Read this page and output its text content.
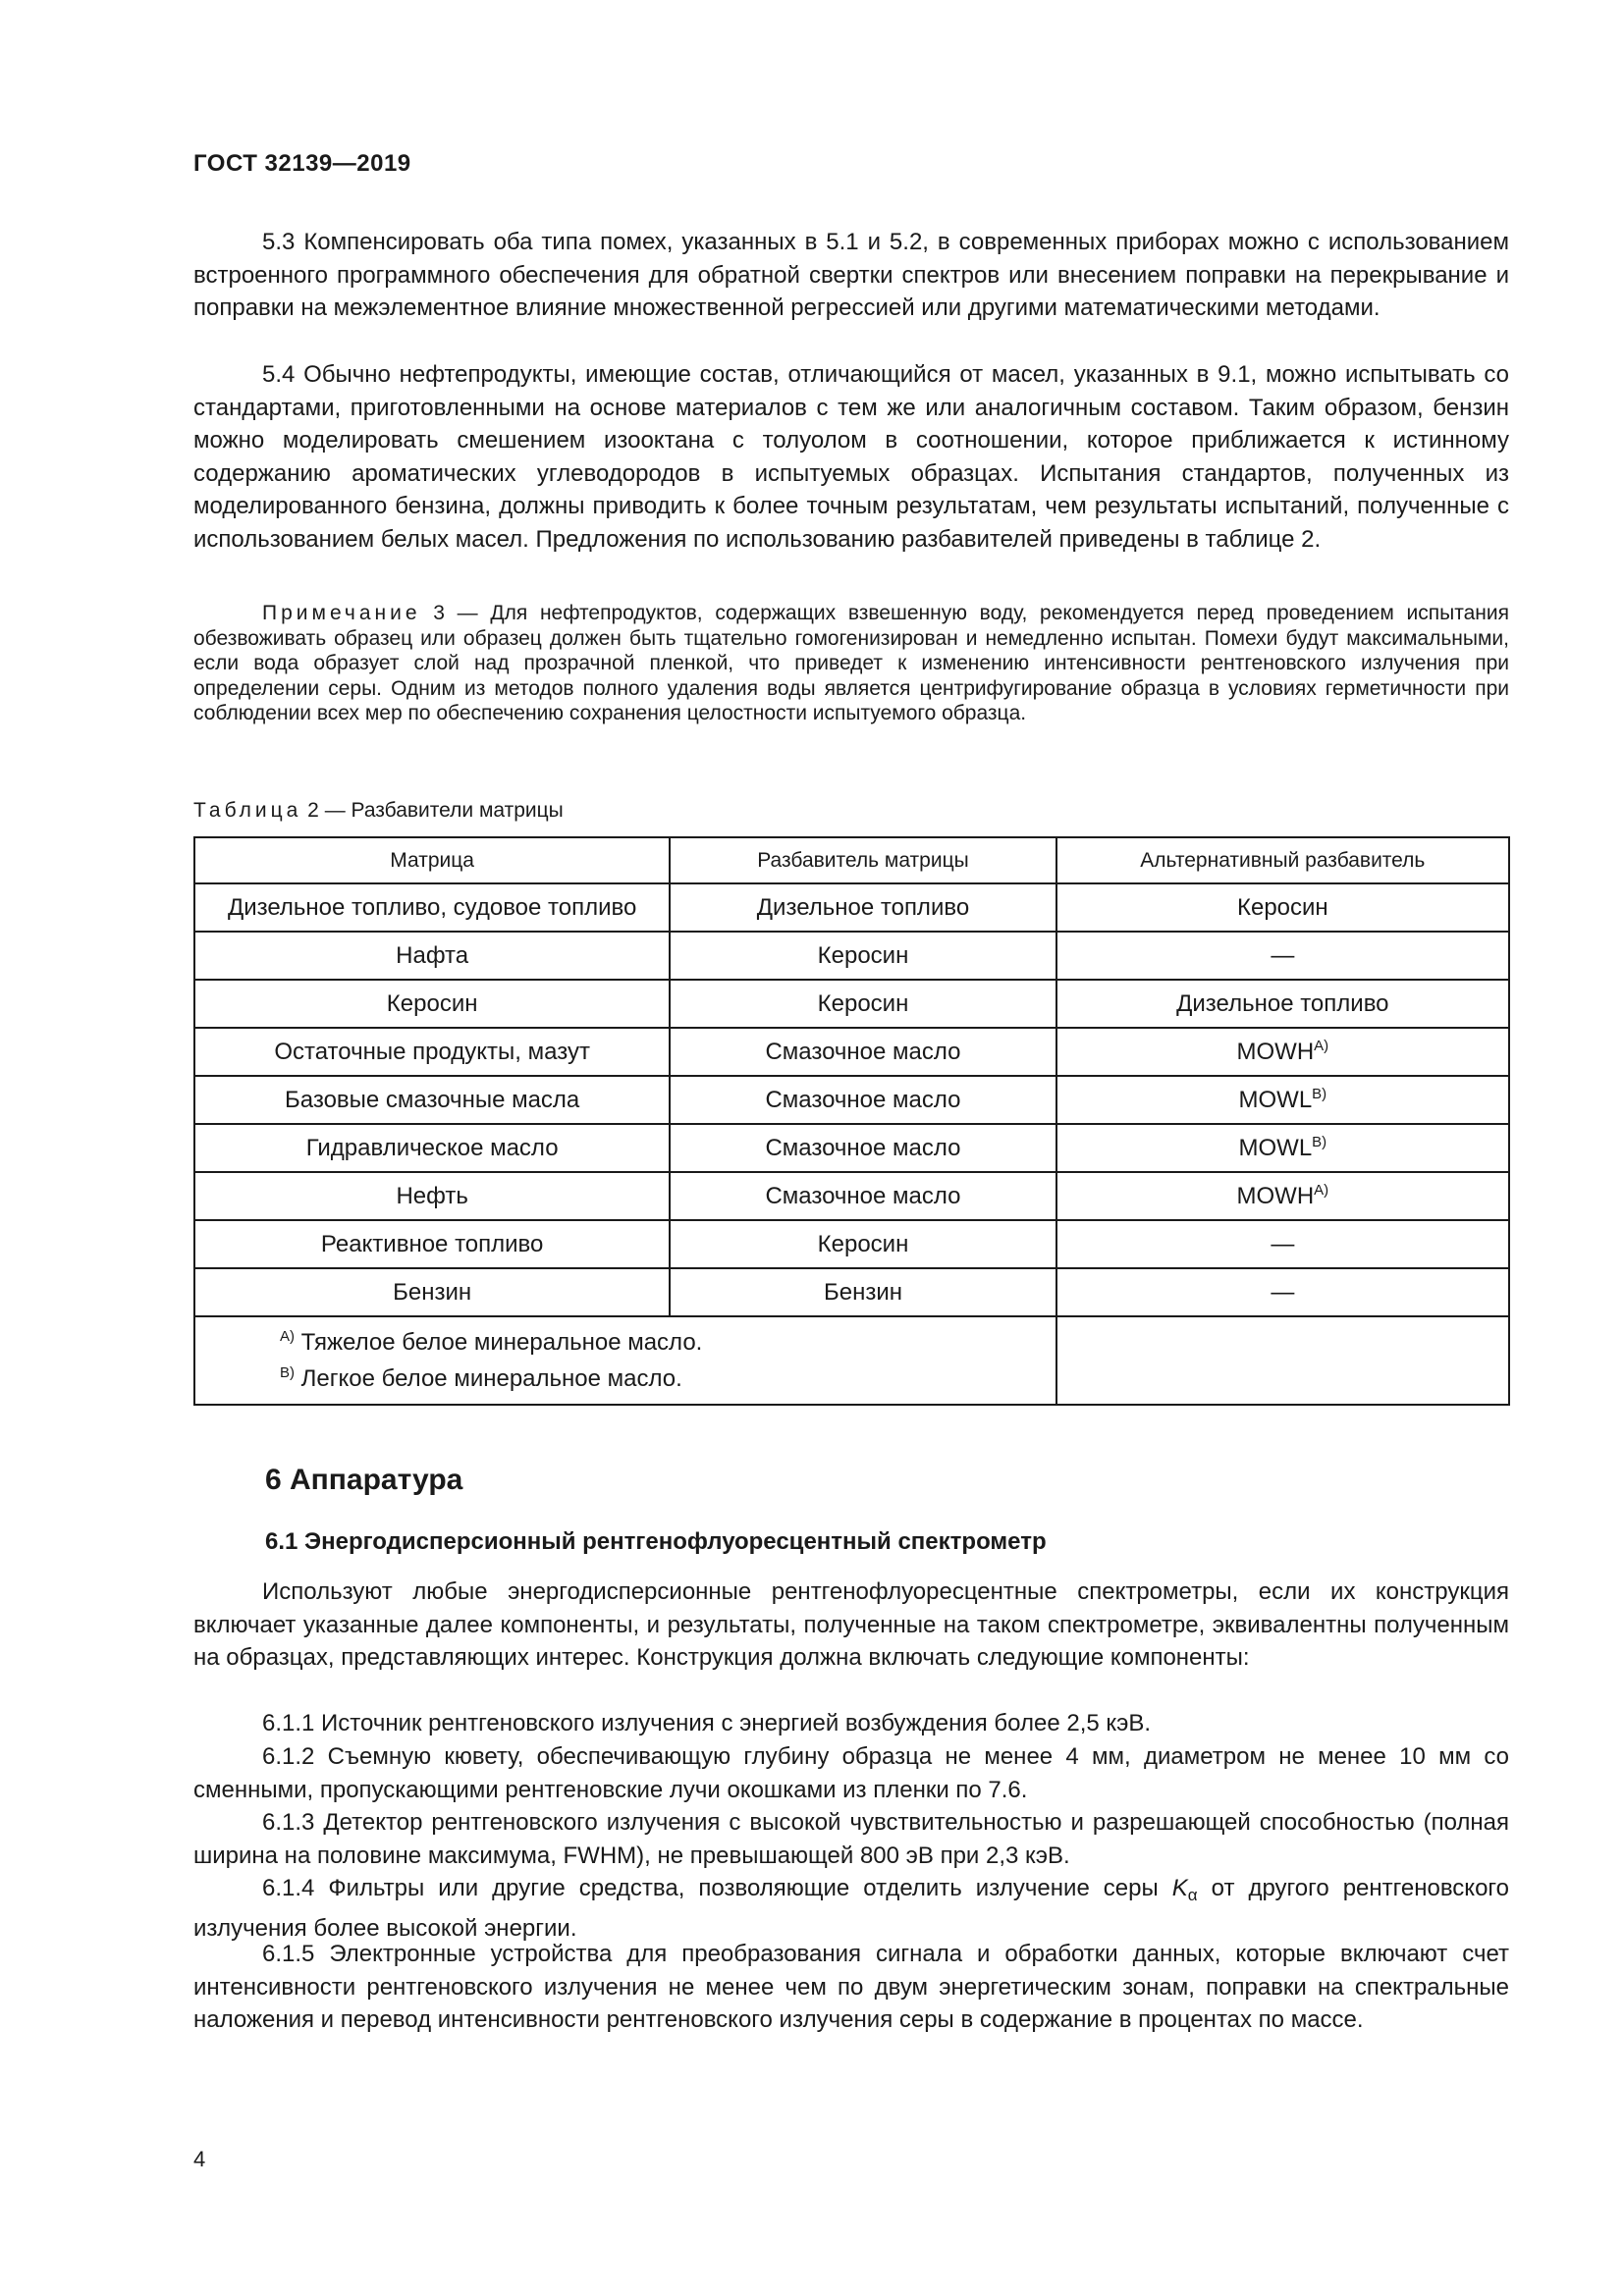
ГОСТ 32139—2019

5.3 Компенсировать оба типа помех, указанных в 5.1 и 5.2, в современных приборах можно с использованием встроенного программного обеспечения для обратной свертки спектров или внесением поправки на перекрывание и поправки на межэлементное влияние множественной регрессией или другими математическими методами.

5.4 Обычно нефтепродукты, имеющие состав, отличающийся от масел, указанных в 9.1, можно испытывать со стандартами, приготовленными на основе материалов с тем же или аналогичным составом. Таким образом, бензин можно моделировать смешением изооктана с толуолом в соотношении, которое приближается к истинному содержанию ароматических углеводородов в испытуемых образцах. Испытания стандартов, полученных из моделированного бензина, должны приводить к более точным результатам, чем результаты испытаний, полученные с использованием белых масел. Предложения по использованию разбавителей приведены в таблице 2.

Примечание 3 — Для нефтепродуктов, содержащих взвешенную воду, рекомендуется перед проведением испытания обезвоживать образец или образец должен быть тщательно гомогенизирован и немедленно испытан. Помехи будут максимальными, если вода образует слой над прозрачной пленкой, что приведет к изменению интенсивности рентгеновского излучения при определении серы. Одним из методов полного удаления воды является центрифугирование образца в условиях герметичности при соблюдении всех мер по обеспечению сохранения целостности испытуемого образца.

Таблица 2 — Разбавители матрицы
Матрица	Разбавитель матрицы	Альтернативный разбавитель
Дизельное топливо, судовое топливо	Дизельное топливо	Керосин
Нафта	Керосин	—
Керосин	Керосин	Дизельное топливо
Остаточные продукты, мазут	Смазочное масло	$MOWH^{A)}$
Базовые смазочные масла	Смазочное масло	$MOWL^{B)}$
Гидравлическое масло	Смазочное масло	$MOWL^{B)}$
Нефть	Смазочное масло	$MOWH^{A)}$
Реактивное топливо	Керосин	—
Бензин	Бензин	—

$^{A)}$ Тяжелое белое минеральное масло.
$^{B)}$ Легкое белое минеральное масло.		

6 Аппаратура
6.1 Энергодисперсионный рентгенофлуоресцентный спектрометр

Используют любые энергодисперсионные рентгенофлуоресцентные спектрометры, если их конструкция включает указанные далее компоненты, и результаты, полученные на таком спектрометре, эквивалентны полученным на образцах, представляющих интерес. Конструкция должна включать следующие компоненты:

6.1.1 Источник рентгеновского излучения с энергией возбуждения более 2,5 кэВ.

6.1.2 Съемную кювету, обеспечивающую глубину образца не менее 4 мм, диаметром не менее 10 мм со сменными, пропускающими рентгеновские лучи окошками из пленки по 7.6.

6.1.3 Детектор рентгеновского излучения с высокой чувствительностью и разрешающей способностью (полная ширина на половине максимума, FWHM), не превышающей 800 эВ при 2,3 кэВ.

6.1.4 Фильтры или другие средства, позволяющие отделить излучение серы $K_\alpha$ от другого рентгеновского излучения более высокой энергии.

6.1.5 Электронные устройства для преобразования сигнала и обработки данных, которые включают счет интенсивности рентгеновского излучения не менее чем по двум энергетическим зонам, поправки на спектральные наложения и перевод интенсивности рентгеновского излучения серы в содержание в процентах по массе.

4
